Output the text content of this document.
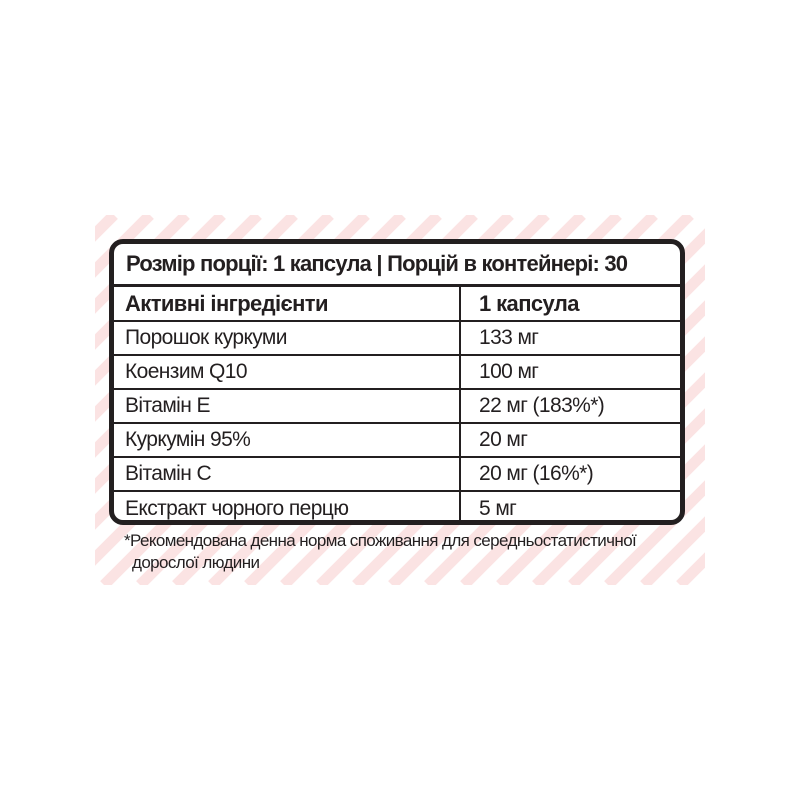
Розмір порції: 1 капсула | Порцій в контейнері: 30
Активні інгредієнти	1 капсула
Порошок куркуми	133 мг
Коензим Q10	100 мг
Вітамін Е	22 мг (183%*)
Куркумін 95%	20 мг
Вітамін С	20 мг (16%*)
Екстракт чорного перцю	5 мг
*Рекомендована денна норма споживання для середньостатистичної
дорослої людини
